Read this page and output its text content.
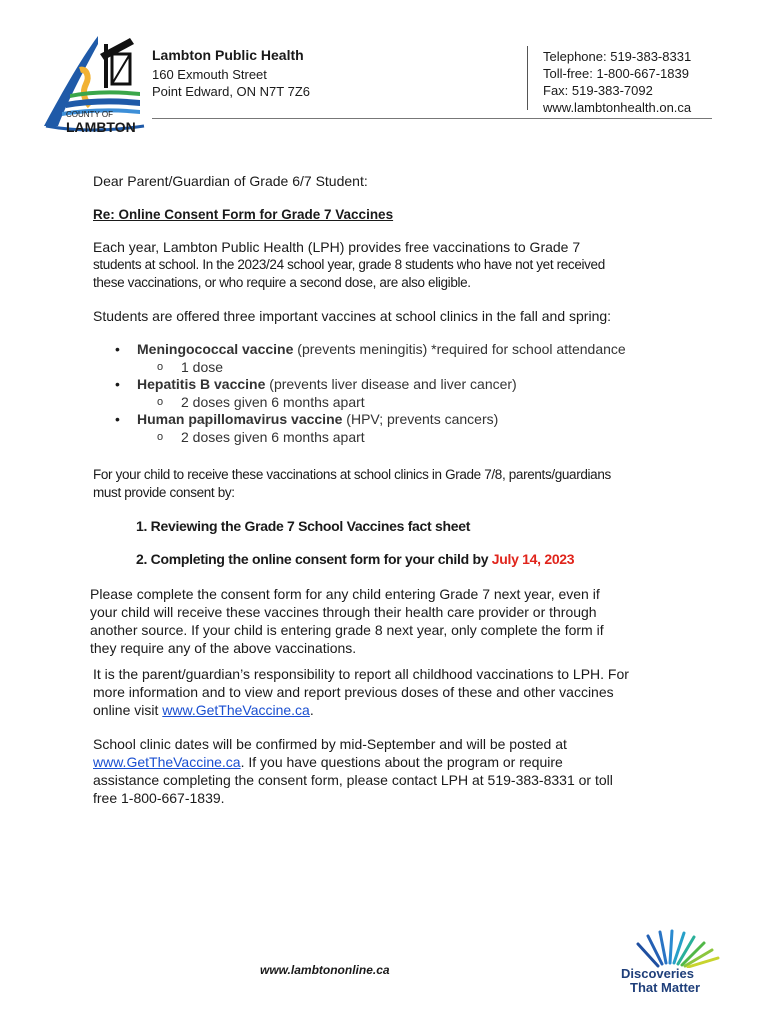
COUNTY OF
LAMBTON
Lambton Public Health
160 Exmouth Street
Point Edward, ON N7T 7Z6
Telephone: 519-383-8331
Toll-free: 1-800-667-1839
Fax: 519-383-7092
www.lambtonhealth.on.ca
Dear Parent/Guardian of Grade 6/7 Student:
Re: Online Consent Form for Grade 7 Vaccines
Each year, Lambton Public Health (LPH) provides free vaccinations to Grade 7
students at school. In the 2023/24 school year, grade 8 students who have not yet received
these vaccinations, or who require a second dose, are also eligible.
Students are offered three important vaccines at school clinics in the fall and spring:
• Meningococcal vaccine (prevents meningitis) *required for school attendance
o 1 dose
• Hepatitis B vaccine (prevents liver disease and liver cancer)
o 2 doses given 6 months apart
• Human papillomavirus vaccine (HPV; prevents cancers)
o 2 doses given 6 months apart
For your child to receive these vaccinations at school clinics in Grade 7/8, parents/guardians
must provide consent by:
1. Reviewing the Grade 7 School Vaccines fact sheet
2. Completing the online consent form for your child by July 14, 2023
Please complete the consent form for any child entering Grade 7 next year, even if
your child will receive these vaccines through their health care provider or through
another source. If your child is entering grade 8 next year, only complete the form if
they require any of the above vaccinations.
It is the parent/guardian’s responsibility to report all childhood vaccinations to LPH. For
more information and to view and report previous doses of these and other vaccines
online visit www.GetTheVaccine.ca.
School clinic dates will be confirmed by mid-September and will be posted at
www.GetTheVaccine.ca. If you have questions about the program or require
assistance completing the consent form, please contact LPH at 519-383-8331 or toll
free 1-800-667-1839.
www.lambtononline.ca	Discoveries
That Matter
